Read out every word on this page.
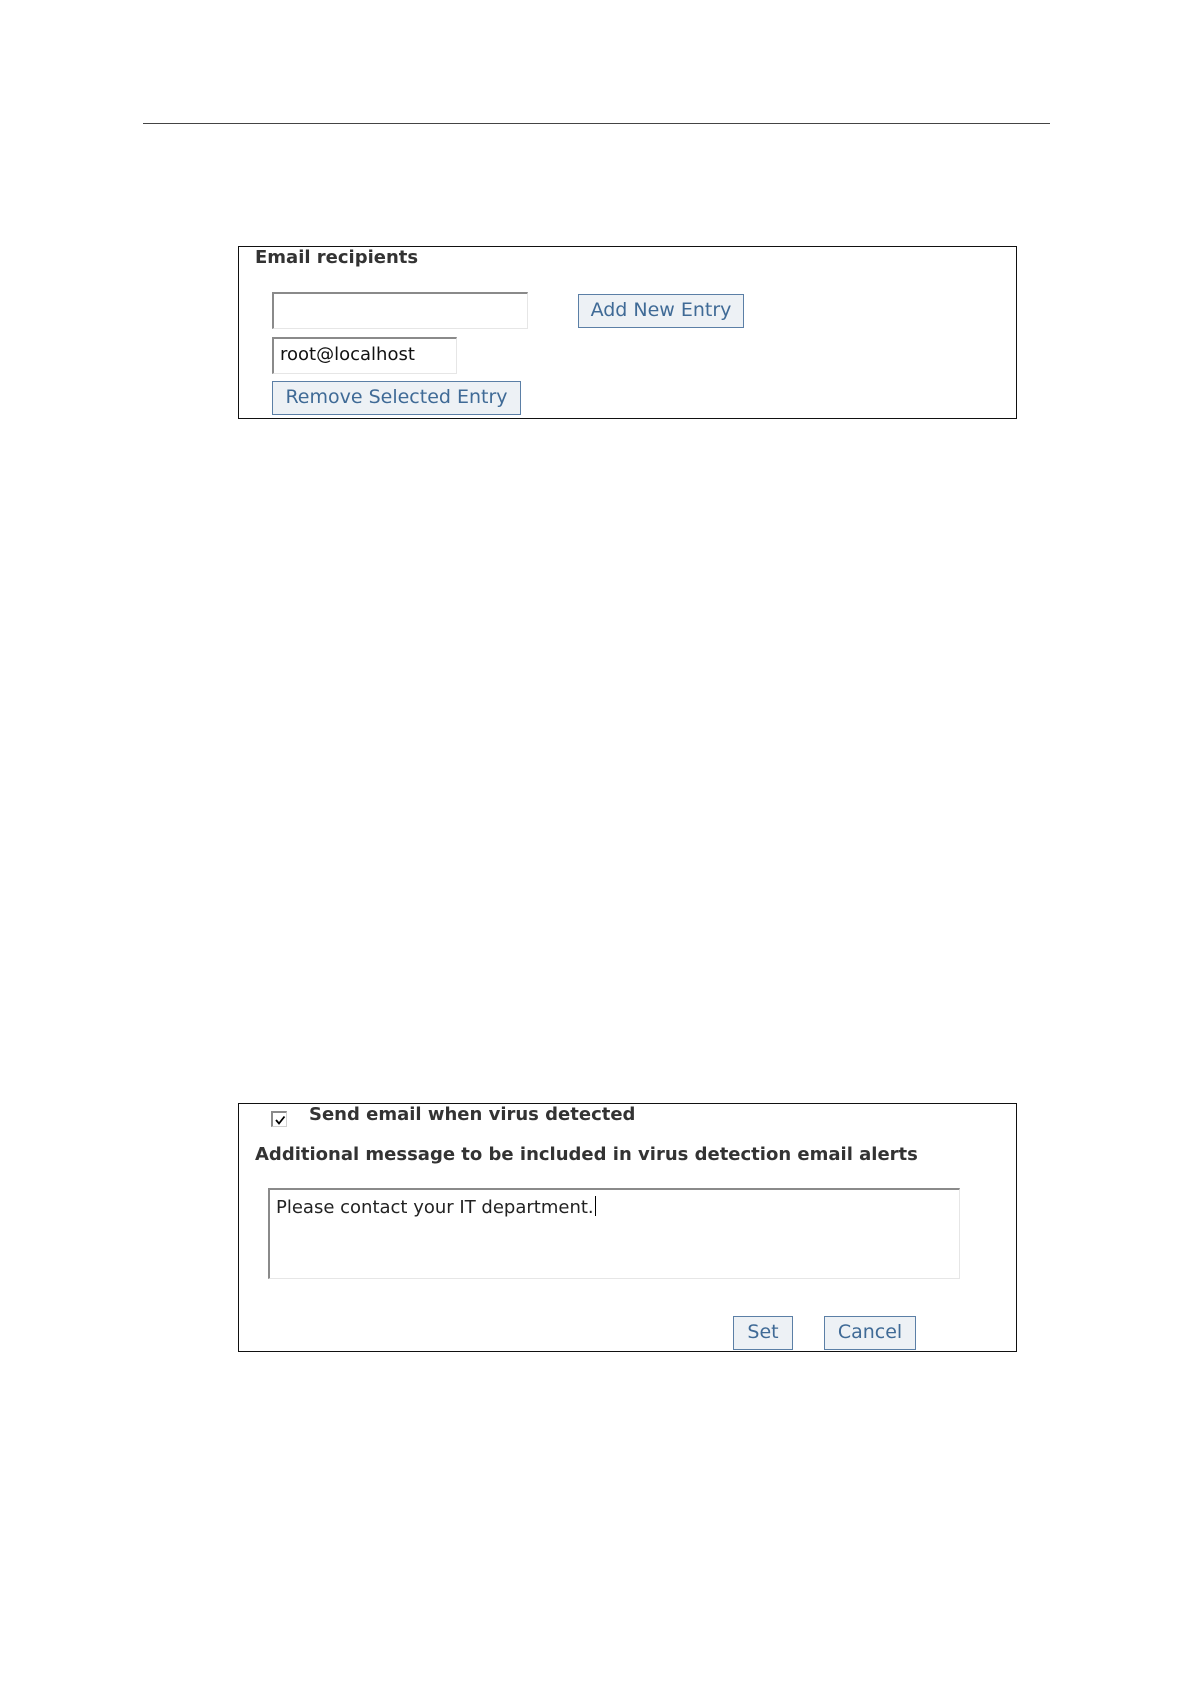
Email recipients
Add New Entry
root@localhost
Remove Selected Entry
Send email when virus detected
Additional message to be included in virus detection email alerts
Please contact your IT department.
Set	Cancel
